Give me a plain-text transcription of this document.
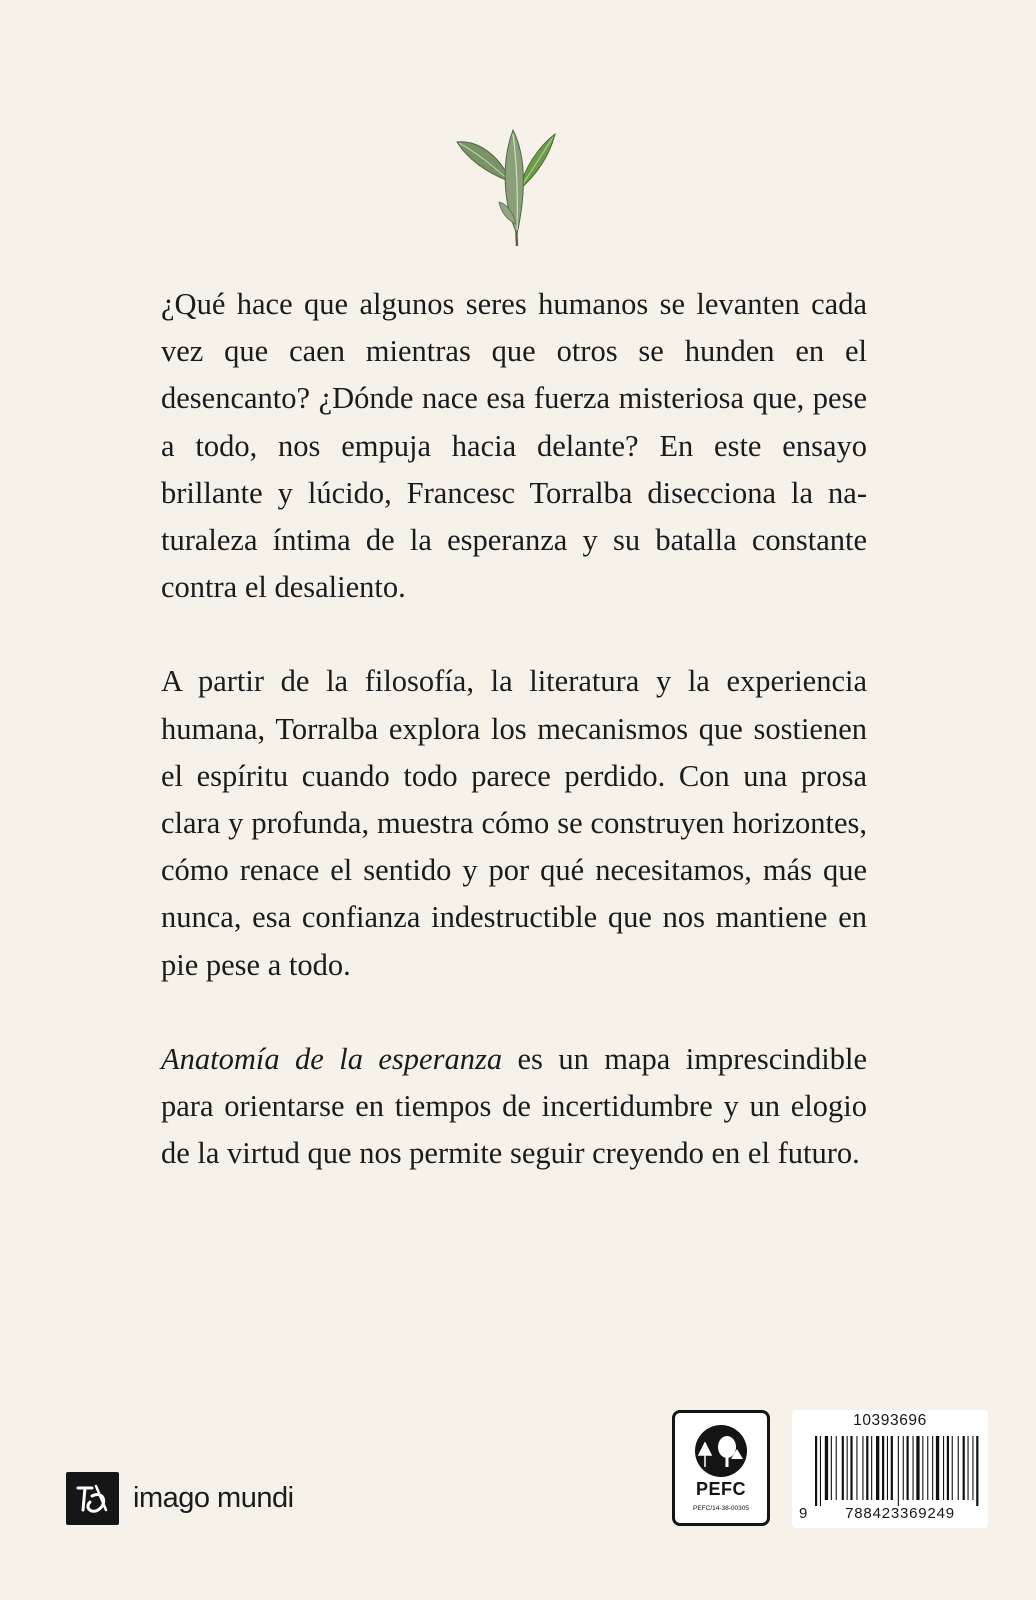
¿Qué hace que algunos seres humanos se levanten cada vez que caen mientras que otros se hunden en el desencanto? ¿Dónde nace esa fuerza misteriosa que, pese a todo, nos empuja hacia delante? En este ensayo brillante y lúcido, Francesc Torralba disecciona la naturaleza íntima de la esperanza y su batalla constante contra el desaliento.

A partir de la filosofía, la literatura y la experiencia humana, Torralba explora los mecanismos que sostienen el espíritu cuando todo parece perdido. Con una prosa clara y profunda, muestra cómo se construyen horizontes, cómo renace el sentido y por qué necesitamos, más que nunca, esa confianza indestructible que nos mantiene en pie pese a todo.

Anatomía de la esperanza es un mapa imprescindible para orientarse en tiempos de incertidumbre y un elogio de la virtud que nos permite seguir creyendo en el futuro.

imago mundi	PEFC
PEFC/14-38-00305
10393696
9	788423369249
